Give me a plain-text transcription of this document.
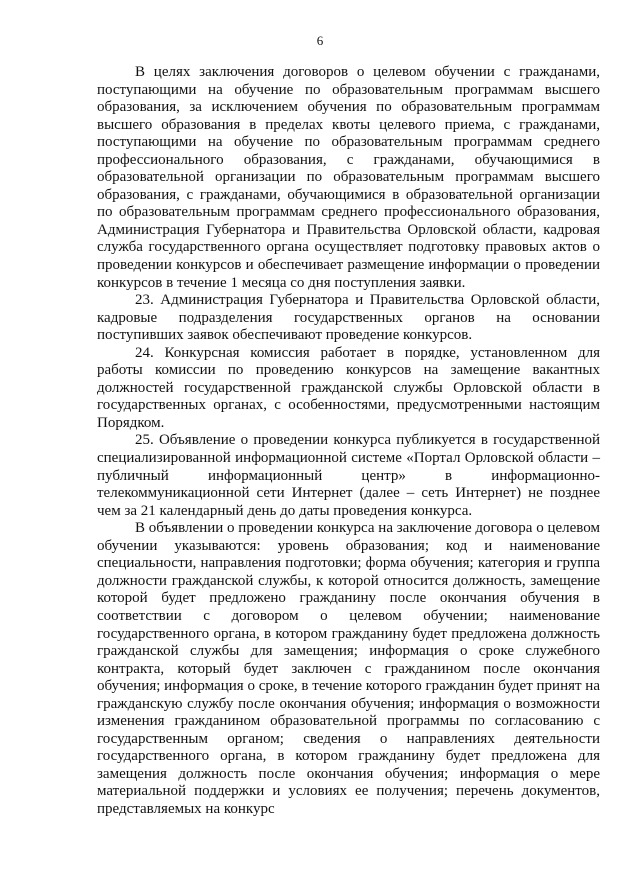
6

В целях заключения договоров о целевом обучении с гражданами, поступающими на обучение по образовательным программам высшего образования, за исключением обучения по образовательным программам высшего образования в пределах квоты целевого приема, с гражданами, поступающими на обучение по образовательным программам среднего профессионального образования, с гражданами, обучающимися в образовательной организации по образовательным программам высшего образования, с гражданами, обучающимися в образовательной организации по образовательным программам среднего профессионального образования, Администрация Губернатора и Правительства Орловской области, кадровая служба государственного органа осуществляет подготовку правовых актов о проведении конкурсов и обеспечивает размещение информации о проведении конкурсов в течение 1 месяца со дня поступления заявки.

23. Администрация Губернатора и Правительства Орловской области, кадровые подразделения государственных органов на основании поступивших заявок обеспечивают проведение конкурсов.

24. Конкурсная комиссия работает в порядке, установленном для работы комиссии по проведению конкурсов на замещение вакантных должностей государственной гражданской службы Орловской области в государственных органах, с особенностями, предусмотренными настоящим Порядком.

25. Объявление о проведении конкурса публикуется в государственной специализированной информационной системе «Портал Орловской области – публичный информационный центр» в информационно-телекоммуникационной сети Интернет (далее – сеть Интернет) не позднее чем за 21 календарный день до даты проведения конкурса.

В объявлении о проведении конкурса на заключение договора о целевом обучении указываются: уровень образования; код и наименование специальности, направления подготовки; форма обучения; категория и группа должности гражданской службы, к которой относится должность, замещение которой будет предложено гражданину после окончания обучения в соответствии с договором о целевом обучении; наименование государственного органа, в котором гражданину будет предложена должность гражданской службы для замещения; информация о сроке служебного контракта, который будет заключен с гражданином после окончания обучения; информация о сроке, в течение которого гражданин будет принят на гражданскую службу после окончания обучения; информация о возможности изменения гражданином образовательной программы по согласованию с государственным органом; сведения о направлениях деятельности государственного органа, в котором гражданину будет предложена для замещения должность после окончания обучения; информация о мере материальной поддержки и условиях ее получения; перечень документов, представляемых на конкурс
